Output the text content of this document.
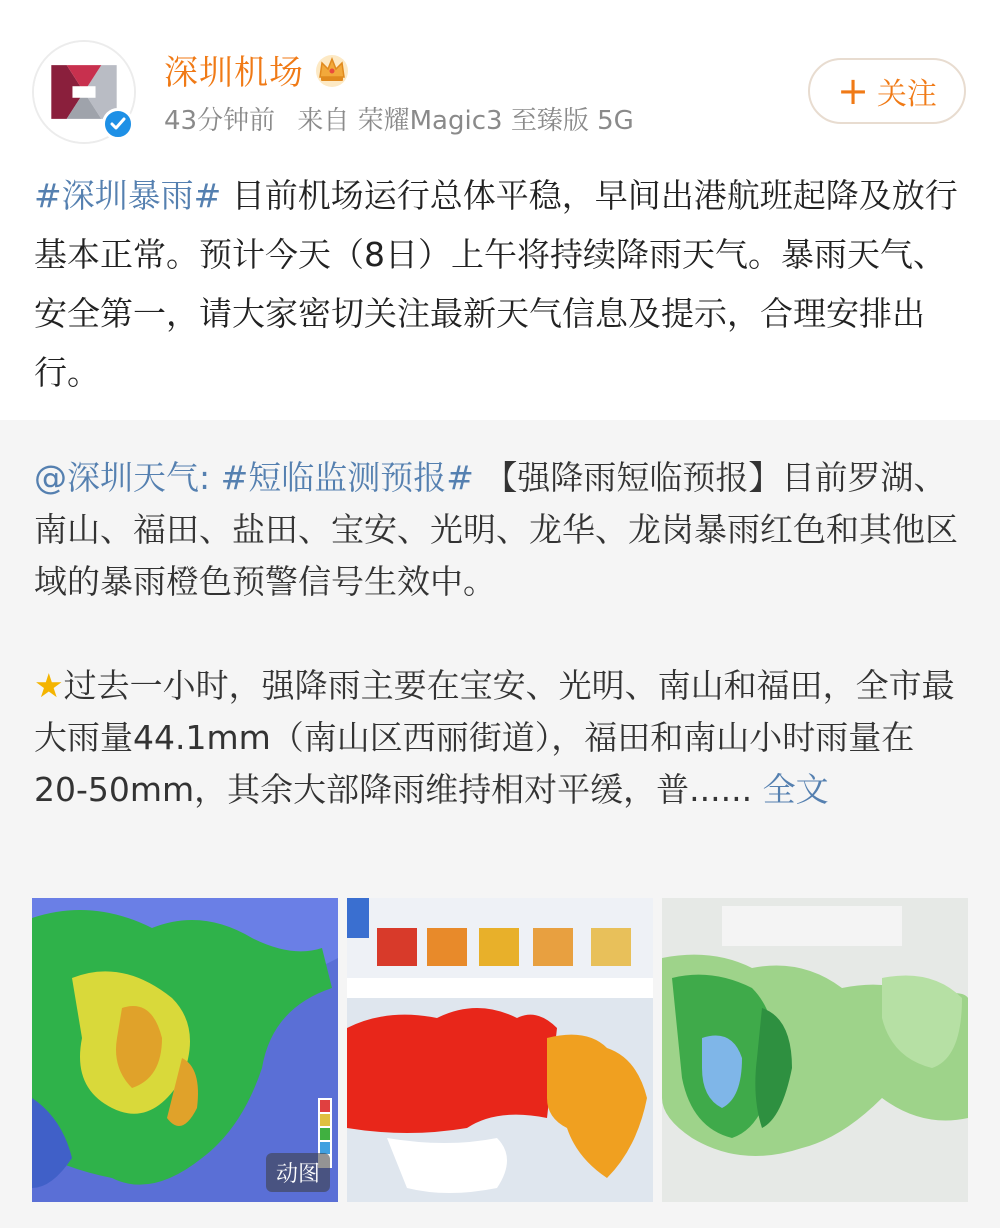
深圳机场
43分钟前 来自 荣耀Magic3 至臻版 5G
+ 关注
#深圳暴雨# 目前机场运行总体平稳，早间出港航班起降及放行基本正常。预计今天（8日）上午将持续降雨天气。暴雨天气、安全第一，请大家密切关注最新天气信息及提示，合理安排出行。
@深圳天气: #短临监测预报# 【强降雨短临预报】目前罗湖、南山、福田、盐田、宝安、光明、龙华、龙岗暴雨红色和其他区域的暴雨橙色预警信号生效中。
★过去一小时，强降雨主要在宝安、光明、南山和福田，全市最大雨量44.1mm（南山区西丽街道），福田和南山小时雨量在20-50mm，其余大部降雨维持相对平缓，普...... 全文
动图
